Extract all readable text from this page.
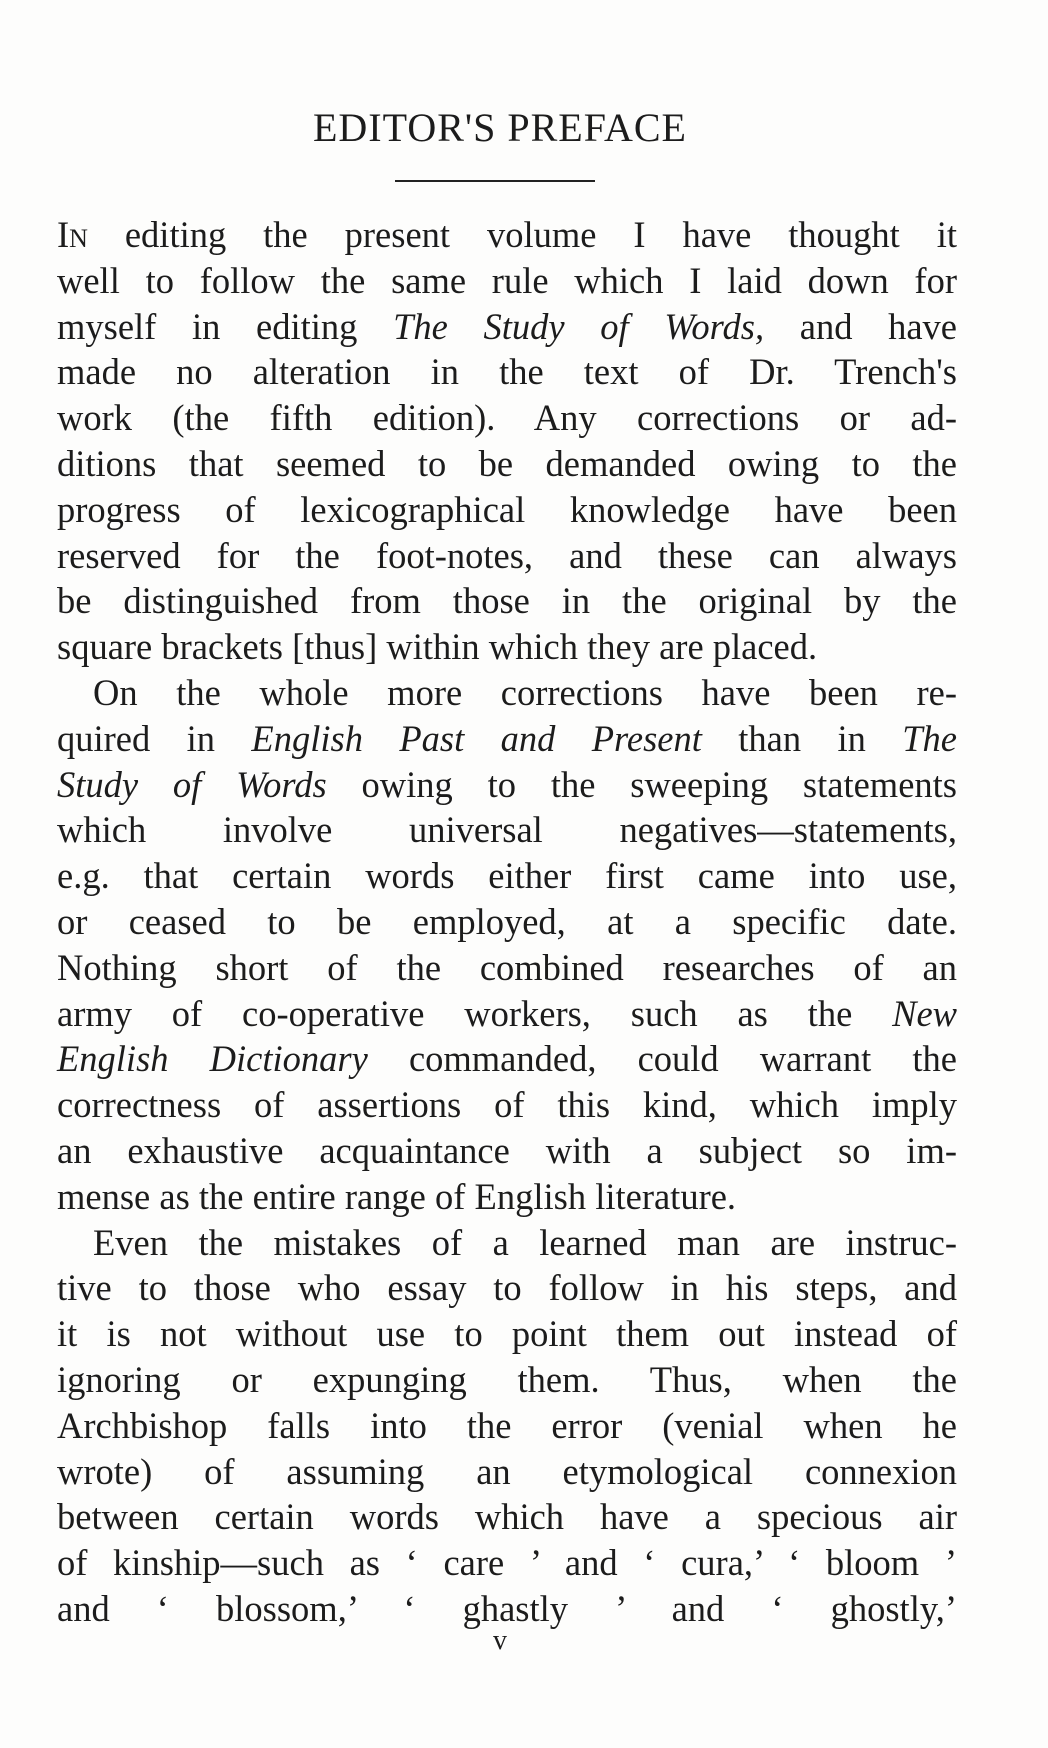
EDITOR'S PREFACE
In editing the present volume I have thought it
well to follow the same rule which I laid down for
myself in editing The Study of Words, and have
made no alteration in the text of Dr. Trench's
work (the fifth edition). Any corrections or ad-
ditions that seemed to be demanded owing to the
progress of lexicographical knowledge have been
reserved for the foot-notes, and these can always
be distinguished from those in the original by the
square brackets [thus] within which they are placed.
On the whole more corrections have been re-
quired in English Past and Present than in The
Study of Words owing to the sweeping statements
which involve universal negatives—statements,
e.g. that certain words either first came into use,
or ceased to be employed, at a specific date.
Nothing short of the combined researches of an
army of co-operative workers, such as the New
English Dictionary commanded, could warrant the
correctness of assertions of this kind, which imply
an exhaustive acquaintance with a subject so im-
mense as the entire range of English literature.
Even the mistakes of a learned man are instruc-
tive to those who essay to follow in his steps, and
it is not without use to point them out instead of
ignoring or expunging them. Thus, when the
Archbishop falls into the error (venial when he
wrote) of assuming an etymological connexion
between certain words which have a specious air
of kinship—such as ‘ care ’ and ‘ cura,’ ‘ bloom ’
and ‘ blossom,’ ‘ ghastly ’ and ‘ ghostly,’
v
